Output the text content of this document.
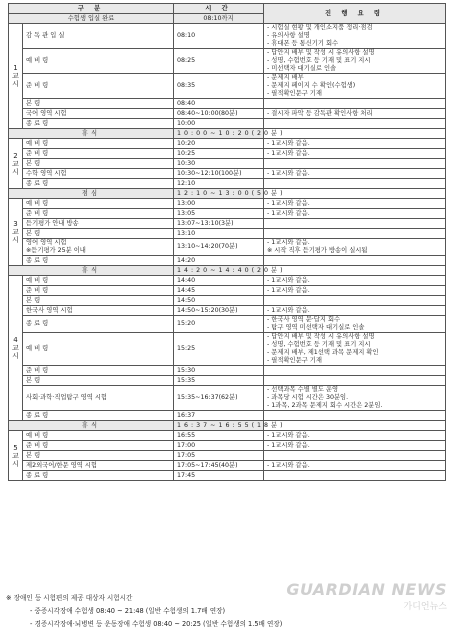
구 분		시 간	진 행 요 령
수험생 입실 완료		08:10까지	

1교시	감 독 관 입 실	08:10	- 시험실 현황 및 개인소지품 정리·점검
- 유의사항 설명
- 휴대폰 등 통신기기 회수

	예 비 령	08:25	- 답안지 배부 및 작성 시 유의사항 설명
- 성명, 수험번호 등 기재 및 표기 지시
- 미선택자 대기실로 인솔

	준 비 령	08:35	- 문제지 배부
- 문제지 페이지 수 확인(수험생)
- 필적확인문구 기재

	본 령	08:40	

	국어 영역 시험	08:40~10:00(80분)	- 결시자 파악 등 감독관 확인사항 처리

	종 료 령	10:00	
휴식		10:00~10:20(20분)	

2교시	예 비 령	10:20	- 1교시와 같음.

	준 비 령	10:25	- 1교시와 같음.

	본 령	10:30	

	수학 영역 시험	10:30~12:10(100분)	- 1교시와 같음.

	종 료 령	12:10	
점심		12:10~13:00(50분)	

3교시	예 비 령	13:00	- 1교시와 같음.

	준 비 령	13:05	- 1교시와 같음.

	듣기평가 안내 방송	13:07~13:10(3분)	

	본 령	13:10	

	영어 영역 시험
※듣기평가 25분 이내	13:10~14:20(70분)	- 1교시와 같음.
※ 시작 직후 듣기평가 방송이 실시됨

	종 료 령	14:20	
휴식		14:20~14:40(20분)	

4교시	예 비 령	14:40	- 1교시와 같음.

	준 비 령	14:45	- 1교시와 같음.

	본 령	14:50	

	한국사 영역 시험	14:50~15:20(30분)	- 1교시와 같음.

	종 료 령	15:20	- 한국사 영역 문·답지 회수
- 탐구 영역 미선택자 대기실로 인솔

	예 비 령	15:25	- 답안지 배부 및 작성 시 유의사항 설명
- 성명, 수험번호 등 기재 및 표기 지시
- 문제지 배부, 제1선택 과목 문제지 확인
- 필적확인문구 기재

	준 비 령	15:30	

	본 령	15:35	

	사회·과학·직업탐구 영역 시험	15:35~16:37(62분)	- 선택과목 수별 별도 운영
- 과목당 시험 시간은 30분임.
- 1과목, 2과목 문제지 회수 시간은 2분임.

	종 료 령	16:37	
휴식		16:37~16:55(18분)	

5교시	예 비 령	16:55	- 1교시와 같음.

	준 비 령	17:00	- 1교시와 같음.

	본 령	17:05	

	제2외국어/한문 영역 시험	17:05~17:45(40분)	- 1교시와 같음.

	종 료 령	17:45	
※ 장애인 등 시험편의 제공 대상자 시험시간
- 중증시각장애 수험생 08:40 ~ 21:48 (일반 수험생의 1.7배 연장)
- 경증시각장애·뇌병변 등 운동장애 수험생 08:40 ~ 20:25 (일반 수험생의 1.5배 연장)
GUARDIAN NEWS
가디언뉴스
